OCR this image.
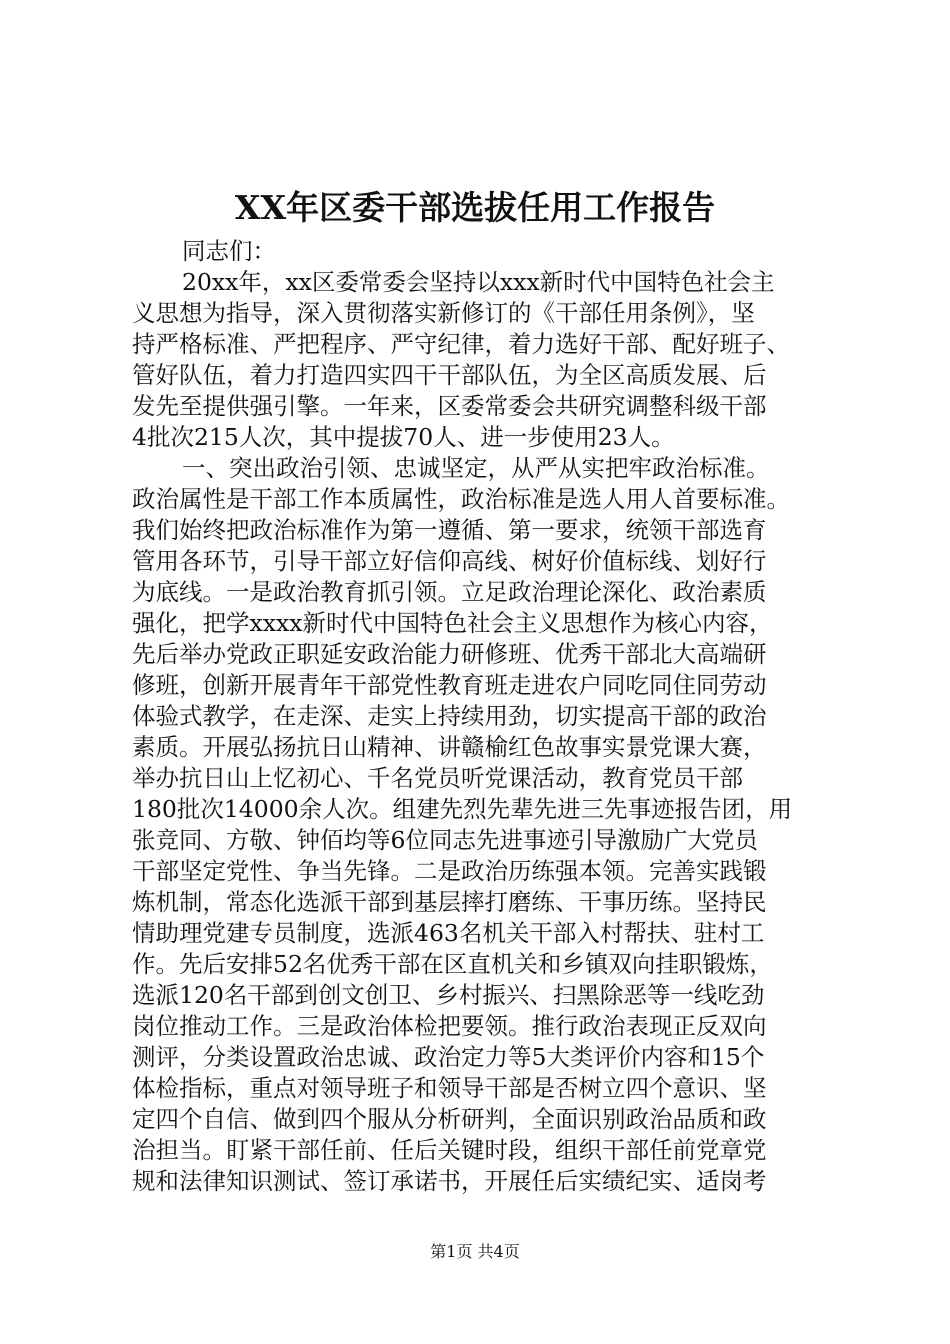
XX年区委干部选拔任用工作报告
同志们：
20xx年，xx区委常委会坚持以xxx新时代中国特色社会主
义思想为指导，深入贯彻落实新修订的《干部任用条例》，坚
持严格标准、严把程序、严守纪律，着力选好干部、配好班子、
管好队伍，着力打造四实四干干部队伍，为全区高质发展、后
发先至提供强引擎。一年来，区委常委会共研究调整科级干部
4批次215人次，其中提拔70人、进一步使用23人。
一、突出政治引领、忠诚坚定，从严从实把牢政治标准。
政治属性是干部工作本质属性，政治标准是选人用人首要标准。
我们始终把政治标准作为第一遵循、第一要求，统领干部选育
管用各环节，引导干部立好信仰高线、树好价值标线、划好行
为底线。一是政治教育抓引领。立足政治理论深化、政治素质
强化，把学xxxx新时代中国特色社会主义思想作为核心内容，
先后举办党政正职延安政治能力研修班、优秀干部北大高端研
修班，创新开展青年干部党性教育班走进农户同吃同住同劳动
体验式教学，在走深、走实上持续用劲，切实提高干部的政治
素质。开展弘扬抗日山精神、讲赣榆红色故事实景党课大赛，
举办抗日山上忆初心、千名党员听党课活动，教育党员干部
180批次14000余人次。组建先烈先辈先进三先事迹报告团，用
张竞同、方敬、钟佰均等6位同志先进事迹引导激励广大党员
干部坚定党性、争当先锋。二是政治历练强本领。完善实践锻
炼机制，常态化选派干部到基层摔打磨练、干事历练。坚持民
情助理党建专员制度，选派463名机关干部入村帮扶、驻村工
作。先后安排52名优秀干部在区直机关和乡镇双向挂职锻炼，
选派120名干部到创文创卫、乡村振兴、扫黑除恶等一线吃劲
岗位推动工作。三是政治体检把要领。推行政治表现正反双向
测评，分类设置政治忠诚、政治定力等5大类评价内容和15个
体检指标，重点对领导班子和领导干部是否树立四个意识、坚
定四个自信、做到四个服从分析研判，全面识别政治品质和政
治担当。盯紧干部任前、任后关键时段，组织干部任前党章党
规和法律知识测试、签订承诺书，开展任后实绩纪实、适岗考
第1页 共4页
